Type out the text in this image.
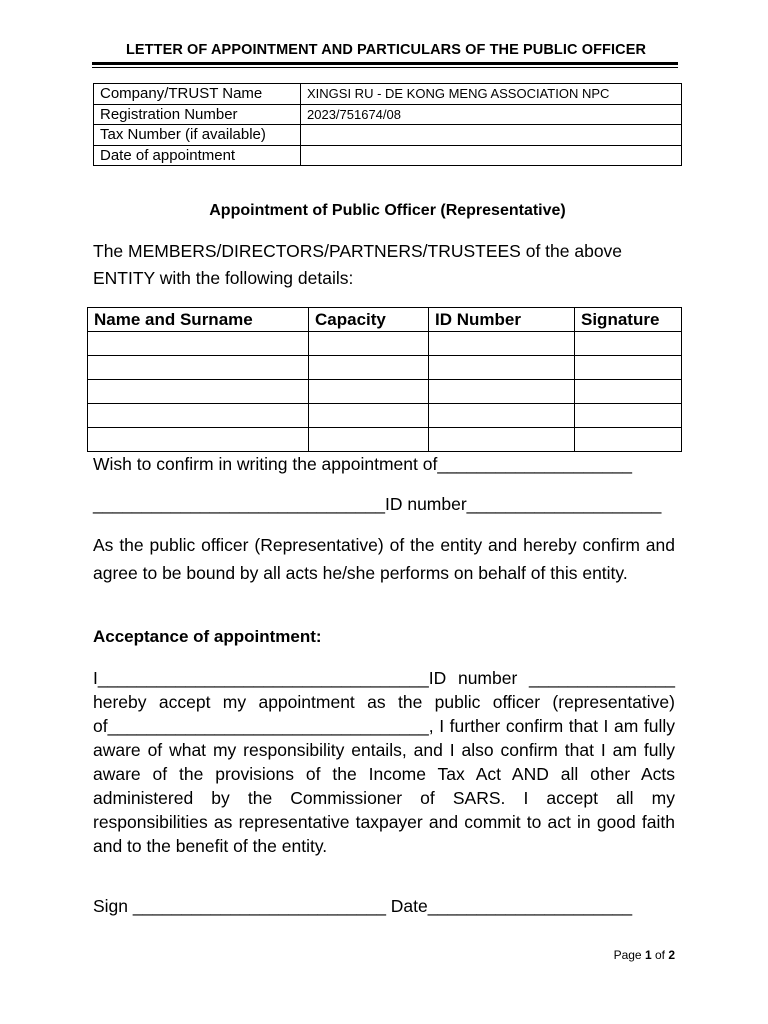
LETTER OF APPOINTMENT AND PARTICULARS OF THE PUBLIC OFFICER
Company/TRUST Name	XINGSI RU - DE KONG MENG ASSOCIATION NPC
Registration Number	2023/751674/08
Tax Number (if available)	
Date of appointment	
Appointment of Public Officer (Representative)
The MEMBERS/DIRECTORS/PARTNERS/TRUSTEES of the above ENTITY with the following details:
Name and Surname	Capacity	ID Number	Signature

Wish to confirm in writing the appointment of____________________
______________________________ID number____________________
As the public officer (Representative) of the entity and hereby confirm and agree to be bound by all acts he/she performs on behalf of this entity.
Acceptance of appointment:
I__________________________________ID number _______________ hereby accept my appointment as the public officer (representative) of_________________________________, I further confirm that I am fully aware of what my responsibility entails, and I also confirm that I am fully aware of the provisions of the Income Tax Act AND all other Acts administered by the Commissioner of SARS. I accept all my responsibilities as representative taxpayer and commit to act in good faith and to the benefit of the entity.
Sign __________________________ Date_____________________
Page 1 of 2
